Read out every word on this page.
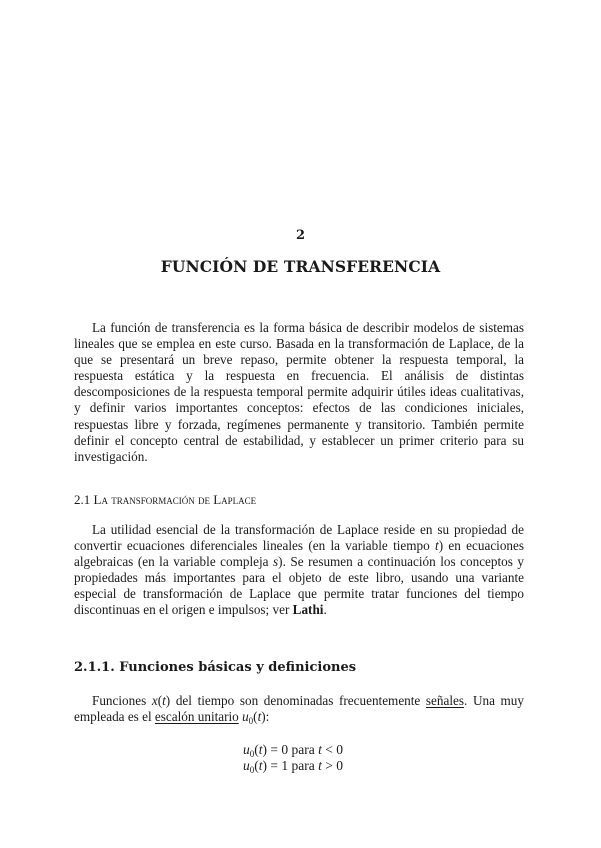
2
FUNCIÓN DE TRANSFERENCIA

La función de transferencia es la forma básica de describir modelos de sistemas lineales que se emplea en este curso. Basada en la transformación de Laplace, de la que se presentará un breve repaso, permite obtener la respuesta temporal, la respuesta estática y la respuesta en frecuencia. El análisis de distintas descomposiciones de la respuesta temporal permite adquirir útiles ideas cualitativas, y definir varios importantes conceptos: efectos de las condiciones iniciales, respuestas libre y forzada, regímenes permanente y transitorio. También permite definir el concepto central de estabilidad, y establecer un primer criterio para su investigación.

2.1 La transformación de Laplace

La utilidad esencial de la transformación de Laplace reside en su propiedad de convertir ecuaciones diferenciales lineales (en la variable tiempo t) en ecuaciones algebraicas (en la variable compleja s). Se resumen a continuación los conceptos y propiedades más importantes para el objeto de este libro, usando una variante especial de transformación de Laplace que permite tratar funciones del tiempo discontinuas en el origen e impulsos; ver Lathi.

2.1.1. Funciones básicas y definiciones

Funciones x(t) del tiempo son denominadas frecuentemente señales. Una muy empleada es el escalón unitario $u_0(t)$:

$u_0(t) = 0$ para t < 0
$u_0(t) = 1$ para t > 0
